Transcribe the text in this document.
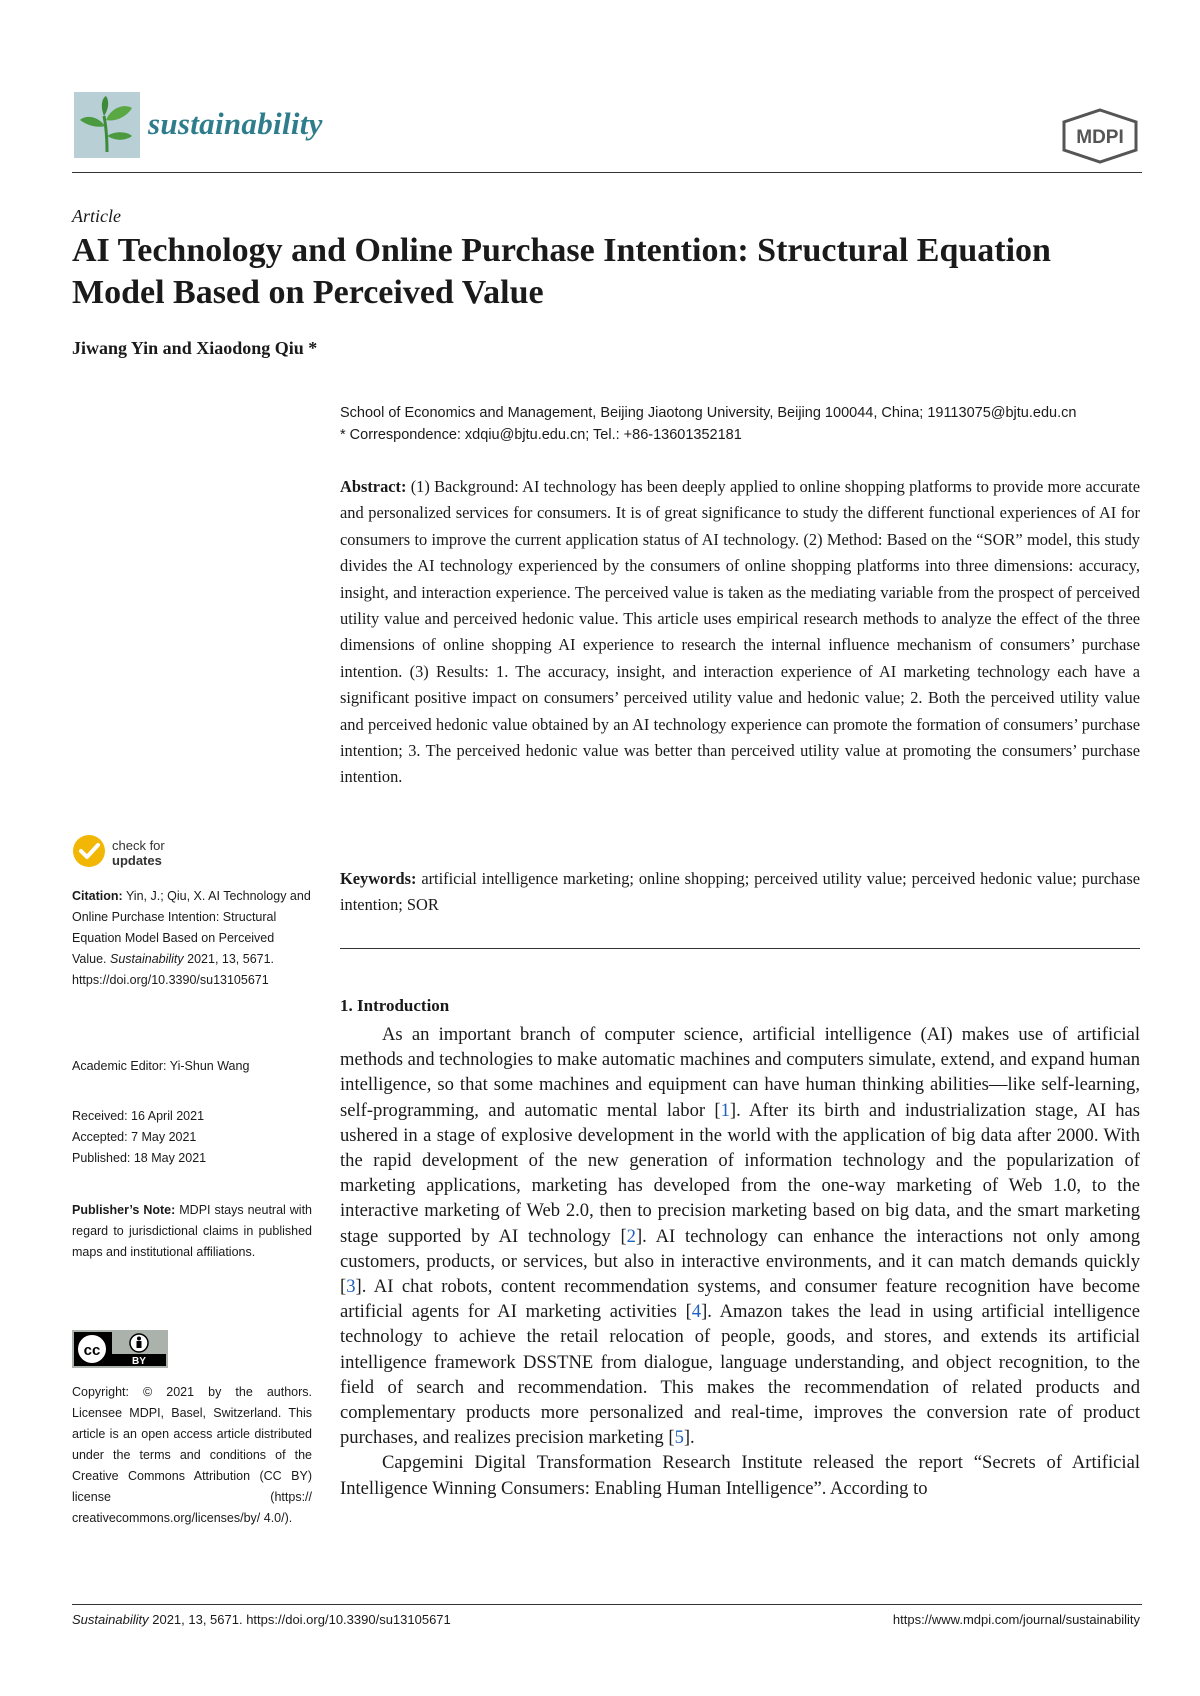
sustainability	MDPI
Article
AI Technology and Online Purchase Intention: Structural Equation Model Based on Perceived Value
Jiwang Yin and Xiaodong Qiu *
School of Economics and Management, Beijing Jiaotong University, Beijing 100044, China; 19113075@bjtu.edu.cn
* Correspondence: xdqiu@bjtu.edu.cn; Tel.: +86-13601352181
Abstract: (1) Background: AI technology has been deeply applied to online shopping platforms to provide more accurate and personalized services for consumers. It is of great significance to study the different functional experiences of AI for consumers to improve the current application status of AI technology. (2) Method: Based on the “SOR” model, this study divides the AI technology experienced by the consumers of online shopping platforms into three dimensions: accuracy, insight, and interaction experience. The perceived value is taken as the mediating variable from the prospect of perceived utility value and perceived hedonic value. This article uses empirical research methods to analyze the effect of the three dimensions of online shopping AI experience to research the internal influence mechanism of consumers’ purchase intention. (3) Results: 1. The accuracy, insight, and interaction experience of AI marketing technology each have a significant positive impact on consumers’ perceived utility value and hedonic value; 2. Both the perceived utility value and perceived hedonic value obtained by an AI technology experience can promote the formation of consumers’ purchase intention; 3. The perceived hedonic value was better than perceived utility value at promoting the consumers’ purchase intention.
Keywords: artificial intelligence marketing; online shopping; perceived utility value; perceived hedonic value; purchase intention; SOR
1. Introduction

As an important branch of computer science, artificial intelligence (AI) makes use of artificial methods and technologies to make automatic machines and computers simulate, extend, and expand human intelligence, so that some machines and equipment can have human thinking abilities—like self-learning, self-programming, and automatic mental labor [1]. After its birth and industrialization stage, AI has ushered in a stage of explosive development in the world with the application of big data after 2000. With the rapid development of the new generation of information technology and the popularization of marketing applications, marketing has developed from the one-way marketing of Web 1.0, to the interactive marketing of Web 2.0, then to precision marketing based on big data, and the smart marketing stage supported by AI technology [2]. AI technology can enhance the interactions not only among customers, products, or services, but also in interactive environments, and it can match demands quickly [3]. AI chat robots, content recommendation systems, and consumer feature recognition have become artificial agents for AI marketing activities [4]. Amazon takes the lead in using artificial intelligence technology to achieve the retail relocation of people, goods, and stores, and extends its artificial intelligence framework DSSTNE from dialogue, language understanding, and object recognition, to the field of search and recommendation. This makes the recommendation of related products and complementary products more personalized and real-time, improves the conversion rate of product purchases, and realizes precision marketing [5].

Capgemini Digital Transformation Research Institute released the report “Secrets of Artificial Intelligence Winning Consumers: Enabling Human Intelligence”. According to

check for
updates
Citation: Yin, J.; Qiu, X. AI Technology and Online Purchase Intention: Structural Equation Model Based on Perceived Value. Sustainability 2021, 13, 5671. https://doi.org/10.3390/su13105671
Academic Editor: Yi-Shun Wang
Received: 16 April 2021
Accepted: 7 May 2021
Published: 18 May 2021
Publisher’s Note: MDPI stays neutral with regard to jurisdictional claims in published maps and institutional affiliations.
cc
BY
Copyright: © 2021 by the authors. Licensee MDPI, Basel, Switzerland. This article is an open access article distributed under the terms and conditions of the Creative Commons Attribution (CC BY) license (https:// creativecommons.org/licenses/by/ 4.0/).
Sustainability 2021, 13, 5671. https://doi.org/10.3390/su13105671	https://www.mdpi.com/journal/sustainability
